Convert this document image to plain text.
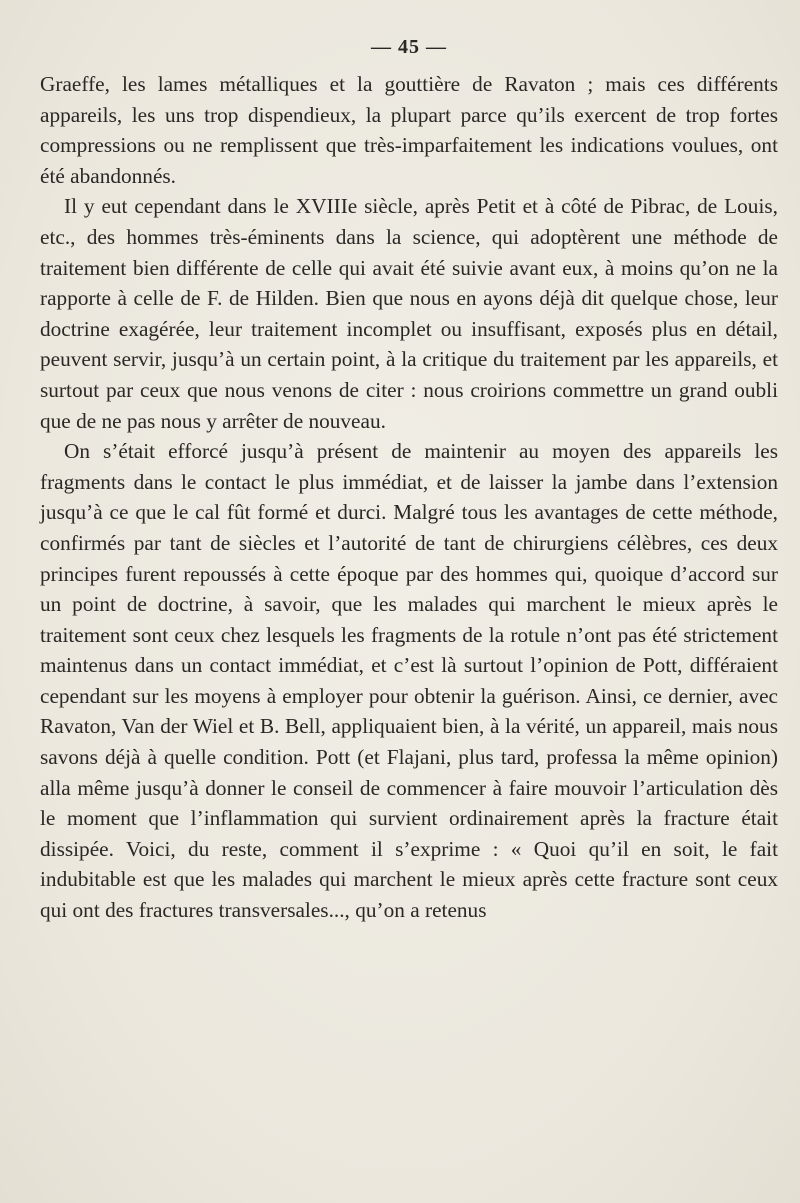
— 45 —

Graeffe, les lames métalliques et la gouttière de Ravaton ; mais ces différents appareils, les uns trop dispendieux, la plupart parce qu’ils exercent de trop fortes compressions ou ne remplissent que très-imparfaitement les indications voulues, ont été abandonnés.

Il y eut cependant dans le XVIIIe siècle, après Petit et à côté de Pibrac, de Louis, etc., des hommes très-éminents dans la science, qui adoptèrent une méthode de traitement bien différente de celle qui avait été suivie avant eux, à moins qu’on ne la rapporte à celle de F. de Hilden. Bien que nous en ayons déjà dit quelque chose, leur doctrine exagérée, leur traitement incomplet ou insuffisant, exposés plus en détail, peuvent servir, jusqu’à un certain point, à la critique du traitement par les appareils, et surtout par ceux que nous venons de citer : nous croirions commettre un grand oubli que de ne pas nous y arrêter de nouveau.

On s’était efforcé jusqu’à présent de maintenir au moyen des appareils les fragments dans le contact le plus immédiat, et de laisser la jambe dans l’extension jusqu’à ce que le cal fût formé et durci. Malgré tous les avantages de cette méthode, confirmés par tant de siècles et l’autorité de tant de chirurgiens célèbres, ces deux principes furent repoussés à cette époque par des hommes qui, quoique d’accord sur un point de doctrine, à savoir, que les malades qui marchent le mieux après le traitement sont ceux chez lesquels les fragments de la rotule n’ont pas été strictement maintenus dans un contact immédiat, et c’est là surtout l’opinion de Pott, différaient cependant sur les moyens à employer pour obtenir la guérison. Ainsi, ce dernier, avec Ravaton, Van der Wiel et B. Bell, appliquaient bien, à la vérité, un appareil, mais nous savons déjà à quelle condition. Pott (et Flajani, plus tard, professa la même opinion) alla même jusqu’à donner le conseil de commencer à faire mouvoir l’articulation dès le moment que l’inflammation qui survient ordinairement après la fracture était dissipée. Voici, du reste, comment il s’exprime : « Quoi qu’il en soit, le fait indubitable est que les malades qui marchent le mieux après cette fracture sont ceux qui ont des fractures transversales..., qu’on a retenus
